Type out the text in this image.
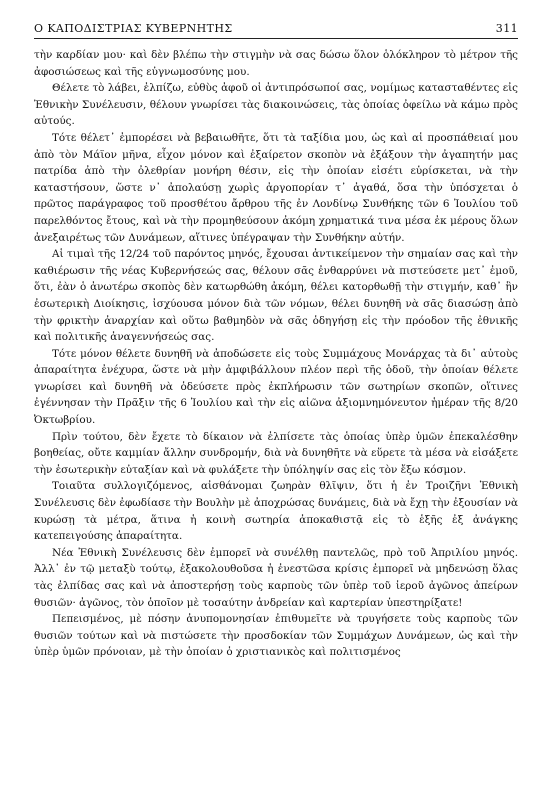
Ο ΚΑΠΟΔΙΣΤΡΙΑΣ ΚΥΒΕΡΝΗΤΗΣ	311

τὴν καρδίαν μου· καὶ δὲν βλέπω τὴν στιγμὴν νὰ σας δώσω ὅλον ὁλόκληρον τὸ μέτρον τῆς ἀφοσιώσεως καὶ τῆς εὐγνωμοσύνης μου.

Θέλετε τὸ λάβει, ἐλπίζω, εὐθὺς ἀφοῦ οἱ ἀντιπρόσωποί σας, νομίμως κατασταθέντες εἰς Ἐθνικὴν Συνέλευσιν, θέλουν γνωρίσει τὰς διακοινώσεις, τὰς ὁποίας ὀφείλω νὰ κάμω πρὸς αὐτούς.

Τότε θέλετ᾽ ἐμπορέσει νὰ βεβαιωθῆτε, ὅτι τὰ ταξίδια μου, ὡς καὶ αἱ προσπάθειαί μου ἀπὸ τὸν Μάϊον μῆνα, εἶχον μόνον καὶ ἐξαίρετον σκοπὸν νὰ ἐξάξουν τὴν ἀγαπητήν μας πατρίδα ἀπὸ τὴν ὀλεθρίαν μονήρη θέσιν, εἰς τὴν ὁποίαν εἰσέτι εὑρίσκεται, νὰ τὴν καταστήσουν, ὥστε ν᾽ ἀπολαύσῃ χωρὶς ἀργοπορίαν τ᾽ ἀγαθά, ὅσα τὴν ὑπόσχεται ὁ πρῶτος παράγραφος τοῦ προσθέτου ἄρθρου τῆς ἐν Λονδίνῳ Συνθήκης τῶν 6 Ἰουλίου τοῦ παρελθόντος ἔτους, καὶ νὰ τὴν προμηθεύσουν ἀκόμη χρηματικά τινα μέσα ἐκ μέρους ὅλων ἀνεξαιρέτως τῶν Δυνάμεων, αἵτινες ὑπέγραψαν τὴν Συνθήκην αὐτήν.

Αἱ τιμαὶ τῆς 12/24 τοῦ παρόντος μηνός, ἔχουσαι ἀντικείμενον τὴν σημαίαν σας καὶ τὴν καθιέρωσιν τῆς νέας Κυβερνήσεώς σας, θέλουν σᾶς ἐνθαρρύνει νὰ πιστεύσετε μετ᾽ ἐμοῦ, ὅτι, ἐὰν ὁ ἀνωτέρω σκοπὸς δὲν κατωρθώθη ἀκόμη, θέλει κατορθωθῇ τὴν στιγμήν, καθ᾽ ἣν ἐσωτερικὴ Διοίκησις, ἰσχύουσα μόνον διὰ τῶν νόμων, θέλει δυνηθῆ νὰ σᾶς διασώσῃ ἀπὸ τὴν φρικτὴν ἀναρχίαν καὶ οὕτω βαθμηδὸν νὰ σᾶς ὁδηγήσῃ εἰς τὴν πρόοδον τῆς ἐθνικῆς καὶ πολιτικῆς ἀναγεννήσεώς σας.

Τότε μόνον θέλετε δυνηθῆ νὰ ἀποδώσετε εἰς τοὺς Συμμάχους Μονάρχας τὰ δι᾽ αὐτοὺς ἀπαραίτητα ἐνέχυρα, ὥστε νὰ μὴν ἀμφιβάλλουν πλέον περὶ τῆς ὁδοῦ, τὴν ὁποίαν θέλετε γνωρίσει καὶ δυνηθῆ νὰ ὁδεύσετε πρὸς ἐκπλήρωσιν τῶν σωτηρίων σκοπῶν, οἵτινες ἐγέννησαν τὴν Πρᾶξιν τῆς 6 Ἰουλίου καὶ τὴν εἰς αἰῶνα ἀξιομνημόνευτον ἡμέραν τῆς 8/20 Ὀκτωβρίου.

Πρὶν τούτου, δὲν ἔχετε τὸ δίκαιον νὰ ἐλπίσετε τὰς ὁποίας ὑπὲρ ὑμῶν ἐπεκαλέσθην βοηθείας, οὔτε καμμίαν ἄλλην συνδρομήν, διὰ νὰ δυνηθῆτε νὰ εὕρετε τὰ μέσα νὰ εἰσάξετε τὴν ἐσωτερικὴν εὐταξίαν καὶ νὰ φυλάξετε τὴν ὑπόληψίν σας εἰς τὸν ἔξω κόσμον.

Τοιαῦτα συλλογιζόμενος, αἰσθάνομαι ζωηρὰν θλῖψιν, ὅτι ἡ ἐν Τροιζῆνι Ἐθνικὴ Συνέλευσις δὲν ἐφωδίασε τὴν Βουλὴν μὲ ἀποχρώσας δυνάμεις, διὰ νὰ ἔχῃ τὴν ἐξουσίαν νὰ κυρώσῃ τὰ μέτρα, ἅτινα ἡ κοινὴ σωτηρία ἀποκαθιστᾷ εἰς τὸ ἑξῆς ἐξ ἀνάγκης κατεπειγούσης ἀπαραίτητα.

Νέα Ἐθνικὴ Συνέλευσις δὲν ἐμπορεῖ νὰ συνέλθῃ παντελῶς, πρὸ τοῦ Ἀπριλίου μηνός. Ἀλλ᾽ ἐν τῷ μεταξὺ τούτῳ, ἐξακολουθοῦσα ἡ ἐνεστῶσα κρίσις ἐμπορεῖ νὰ μηδενώσῃ ὅλας τὰς ἐλπίδας σας καὶ νὰ ἀποστερήσῃ τοὺς καρποὺς τῶν ὑπὲρ τοῦ ἱεροῦ ἀγῶνος ἀπείρων θυσιῶν· ἀγῶνος, τὸν ὁποῖον μὲ τοσαύτην ἀνδρείαν καὶ καρτερίαν ὑπεστηρίξατε!

Πεπεισμένος, μὲ πόσην ἀνυπομονησίαν ἐπιθυμεῖτε νὰ τρυγήσετε τοὺς καρποὺς τῶν θυσιῶν τούτων καὶ νὰ πιστώσετε τὴν προσδοκίαν τῶν Συμμάχων Δυνάμεων, ὡς καὶ τὴν ὑπὲρ ὑμῶν πρόνοιαν, μὲ τὴν ὁποίαν ὁ χριστιανικὸς καὶ πολιτισμένος
